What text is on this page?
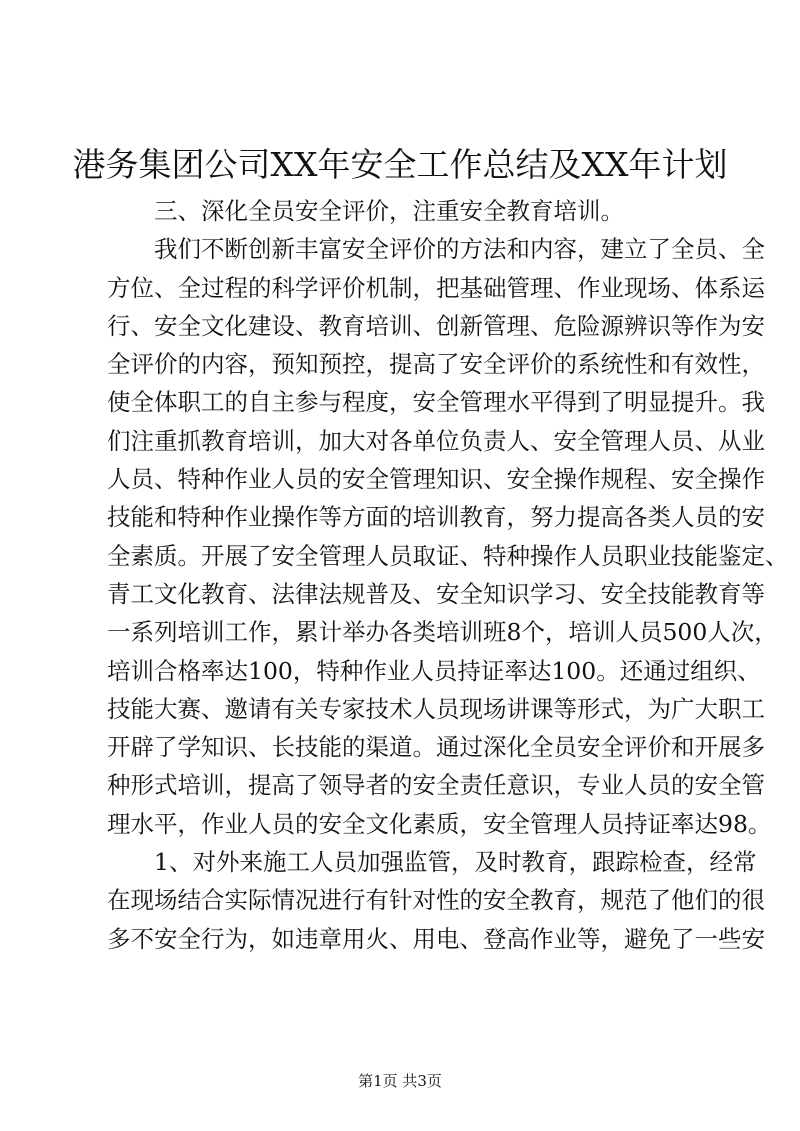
港务集团公司XX年安全工作总结及XX年计划
三、深化全员安全评价，注重安全教育培训。
我们不断创新丰富安全评价的方法和内容，建立了全员、全
方位、全过程的科学评价机制，把基础管理、作业现场、体系运
行、安全文化建设、教育培训、创新管理、危险源辨识等作为安
全评价的内容，预知预控，提高了安全评价的系统性和有效性，
使全体职工的自主参与程度，安全管理水平得到了明显提升。我
们注重抓教育培训，加大对各单位负责人、安全管理人员、从业
人员、特种作业人员的安全管理知识、安全操作规程、安全操作
技能和特种作业操作等方面的培训教育，努力提高各类人员的安
全素质。开展了安全管理人员取证、特种操作人员职业技能鉴定、
青工文化教育、法律法规普及、安全知识学习、安全技能教育等
一系列培训工作，累计举办各类培训班8个，培训人员500人次，
培训合格率达100，特种作业人员持证率达100。还通过组织、
技能大赛、邀请有关专家技术人员现场讲课等形式，为广大职工
开辟了学知识、长技能的渠道。通过深化全员安全评价和开展多
种形式培训，提高了领导者的安全责任意识，专业人员的安全管
理水平，作业人员的安全文化素质，安全管理人员持证率达98。
1、对外来施工人员加强监管，及时教育，跟踪检查，经常
在现场结合实际情况进行有针对性的安全教育，规范了他们的很
多不安全行为，如违章用火、用电、登高作业等，避免了一些安
第1页 共3页
